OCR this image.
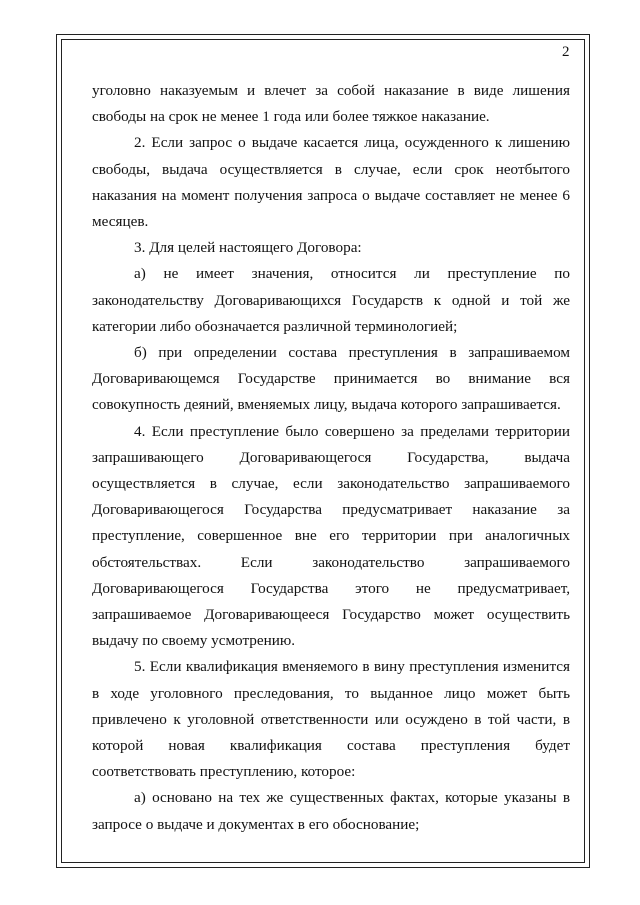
2

уголовно наказуемым и влечет за собой наказание в виде лишения свободы на срок не менее 1 года или более тяжкое наказание.

2. Если запрос о выдаче касается лица, осужденного к лишению свободы, выдача осуществляется в случае, если срок неотбытого наказания на момент получения запроса о выдаче составляет не менее 6 месяцев.

3. Для целей настоящего Договора:

а) не имеет значения, относится ли преступление по законодательству Договаривающихся Государств к одной и той же категории либо обозначается различной терминологией;

б) при определении состава преступления в запрашиваемом Договаривающемся Государстве принимается во внимание вся совокупность деяний, вменяемых лицу, выдача которого запрашивается.

4. Если преступление было совершено за пределами территории запрашивающего Договаривающегося Государства, выдача осуществляется в случае, если законодательство запрашиваемого Договаривающегося Государства предусматривает наказание за преступление, совершенное вне его территории при аналогичных обстоятельствах. Если законодательство запрашиваемого Договаривающегося Государства этого не предусматривает, запрашиваемое Договаривающееся Государство может осуществить выдачу по своему усмотрению.

5. Если квалификация вменяемого в вину преступления изменится в ходе уголовного преследования, то выданное лицо может быть привлечено к уголовной ответственности или осуждено в той части, в которой новая квалификация состава преступления будет соответствовать преступлению, которое:

а) основано на тех же существенных фактах, которые указаны в запросе о выдаче и документах в его обоснование;
